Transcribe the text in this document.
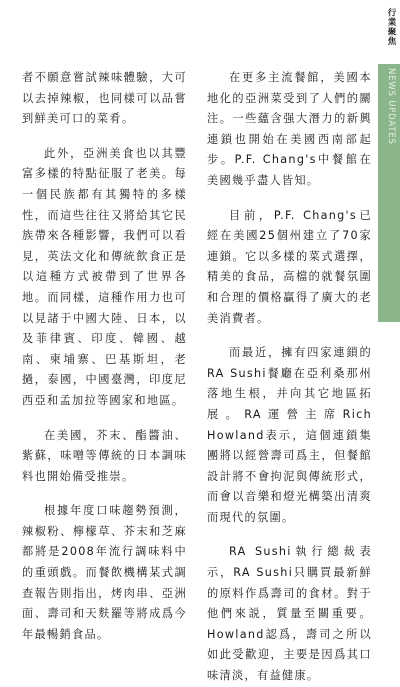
者不願意嘗試辣味體驗，大可以去掉辣椒，也同樣可以品嘗到鮮美可口的菜肴。

此外，亞洲美食也以其豐富多樣的特點征服了老美。每一個民族都有其獨特的多樣性，而這些往往又將給其它民族帶來各種影響，我們可以看見，英法文化和傳統飲食正是以這種方式被帶到了世界各地。而同樣，這種作用力也可以見諸于中國大陸、日本，以及菲律賓、印度、韓國、越南、柬埔寨、巴基斯坦，老撾，泰國，中國臺灣，印度尼西亞和孟加拉等國家和地區。

在美國，芥末、酯醬油、紫蘇，味噌等傳統的日本調味料也開始備受推崇。

根據年度口味趨勢預測，辣椒粉、檸檬草、芥末和芝麻都將是2008年流行調味料中的重頭戲。而餐飲機構某式調查報告則指出，烤肉串、亞洲面、壽司和天麩羅等將成爲今年最暢銷食品。

在更多主流餐館，美國本地化的亞洲菜受到了人們的關注。一些蘊含强大潛力的新興連鎖也開始在美國西南部起步。P.F. Chang's中餐館在美國幾乎盡人皆知。

目前，P.F. Chang's已經在美國25個州建立了70家連鎖。它以多樣的菜式選擇，精美的食品，高檔的就餐氛圍和合理的價格贏得了廣大的老美消費者。

而最近，擁有四家連鎖的RA Sushi餐廳在亞利桑那州落地生根，并向其它地區拓展。RA運營主席Rich Howland表示，這個連鎖集團將以經營壽司爲主，但餐館設計將不會拘泥與傳統形式，而會以音樂和燈光構築出清爽而現代的氛圍。

RA Sushi執行總裁表示，RA Sushi只購買最新鮮的原料作爲壽司的食材。對于他們來説，質量至關重要。Howland認爲，壽司之所以如此受歡迎，主要是因爲其口味清淡，有益健康。

行業聚焦
NEWS UPDATES
